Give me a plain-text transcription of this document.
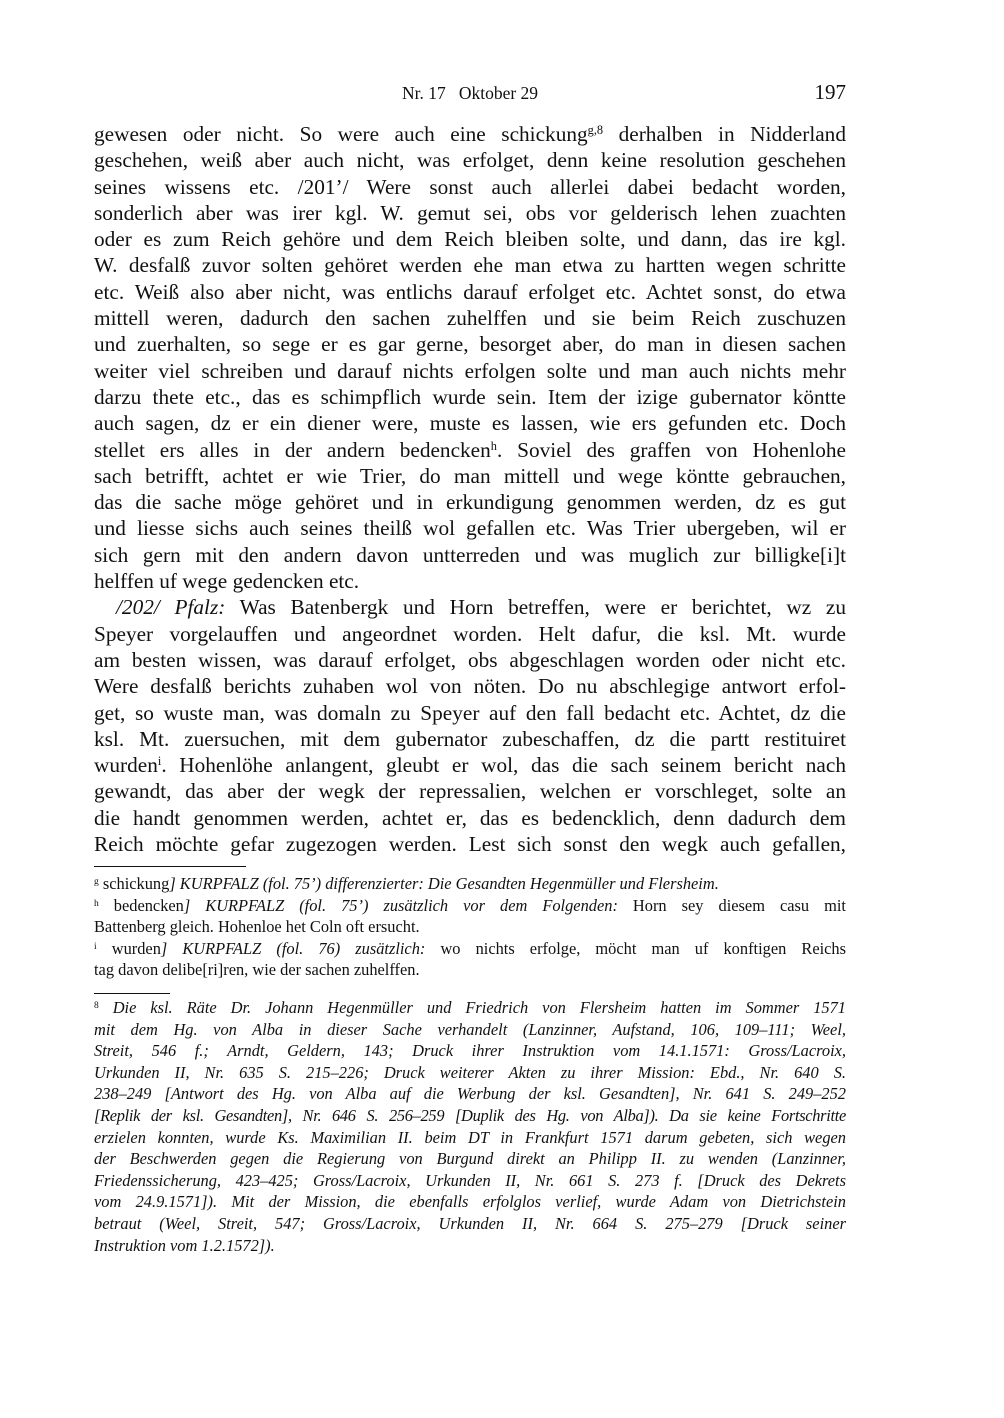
Nr. 17   Oktober 29	197

gewesen oder nicht. So were auch eine schickung$^{g,8}$ derhalben in Nidderland
geschehen, weiß aber auch nicht, was erfolget, denn keine resolution geschehen
seines wissens etc. /201’/ Were sonst auch allerlei dabei bedacht worden,
sonderlich aber was irer kgl. W. gemut sei, obs vor gelderisch lehen zuachten
oder es zum Reich gehöre und dem Reich bleiben solte, und dann, das ire kgl.
W. desfalß zuvor solten gehöret werden ehe man etwa zu hartten wegen schritte
etc. Weiß also aber nicht, was entlichs darauf erfolget etc. Achtet sonst, do etwa
mittell weren, dadurch den sachen zuhelffen und sie beim Reich zuschuzen
und zuerhalten, so sege er es gar gerne, besorget aber, do man in diesen sachen
weiter viel schreiben und darauf nichts erfolgen solte und man auch nichts mehr
darzu thete etc., das es schimpflich wurde sein. Item der izige gubernator köntte
auch sagen, dz er ein diener were, muste es lassen, wie ers gefunden etc. Doch
stellet ers alles in der andern bedencken$^h$. Soviel des graffen von Hohenlohe
sach betrifft, achtet er wie Trier, do man mittell und wege köntte gebrauchen,
das die sache möge gehöret und in erkundigung genommen werden, dz es gut
und liesse sichs auch seines theilß wol gefallen etc. Was Trier ubergeben, wil er
sich gern mit den andern davon untterreden und was muglich zur billigke[i]t
helffen uf wege gedencken etc.

/202/ Pfalz: Was Batenbergk und Horn betreffen, were er berichtet, wz zu
Speyer vorgelauffen und angeordnet worden. Helt dafur, die ksl. Mt. wurde
am besten wissen, was darauf erfolget, obs abgeschlagen worden oder nicht etc.
Were desfalß berichts zuhaben wol von nöten. Do nu abschlegige antwort erfol-
get, so wuste man, was domaln zu Speyer auf den fall bedacht etc. Achtet, dz die
ksl. Mt. zuersuchen, mit dem gubernator zubeschaffen, dz die partt restituiret
wurden$^i$. Hohenlöhe anlangent, gleubt er wol, das die sach seinem bericht nach
gewandt, das aber der wegk der repressalien, welchen er vorschleget, solte an
die handt genommen werden, achtet er, das es bedencklich, denn dadurch dem
Reich möchte gefar zugezogen werden. Lest sich sonst den wegk auch gefallen,

$^g$ schickung] KURPFALZ (fol. 75’) differenzierter: Die Gesandten Hegenmüller und Flersheim.
$^h$ bedencken] KURPFALZ (fol. 75’) zusätzlich vor dem Folgenden: Horn sey diesem casu mit
Battenberg gleich. Hohenloe het Coln oft ersucht.
$^i$ wurden] KURPFALZ (fol. 76) zusätzlich: wo nichts erfolge, möcht man uf konftigen Reichs
tag davon delibe[ri]ren, wie der sachen zuhelffen.
$^8$ Die ksl. Räte Dr. Johann Hegenmüller und Friedrich von Flersheim hatten im Sommer 1571
mit dem Hg. von Alba in dieser Sache verhandelt (Lanzinner, Aufstand, 106, 109–111; Weel,
Streit, 546 f.; Arndt, Geldern, 143; Druck ihrer Instruktion vom 14.1.1571: Gross/Lacroix,
Urkunden II, Nr. 635 S. 215–226; Druck weiterer Akten zu ihrer Mission: Ebd., Nr. 640 S.
238–249 [Antwort des Hg. von Alba auf die Werbung der ksl. Gesandten], Nr. 641 S. 249–252
[Replik der ksl. Gesandten], Nr. 646 S. 256–259 [Duplik des Hg. von Alba]). Da sie keine Fortschritte
erzielen konnten, wurde Ks. Maximilian II. beim DT in Frankfurt 1571 darum gebeten, sich wegen
der Beschwerden gegen die Regierung von Burgund direkt an Philipp II. zu wenden (Lanzinner,
Friedenssicherung, 423–425; Gross/Lacroix, Urkunden II, Nr. 661 S. 273 f. [Druck des Dekrets
vom 24.9.1571]). Mit der Mission, die ebenfalls erfolglos verlief, wurde Adam von Dietrichstein
betraut (Weel, Streit, 547; Gross/Lacroix, Urkunden II, Nr. 664 S. 275–279 [Druck seiner
Instruktion vom 1.2.1572]).
